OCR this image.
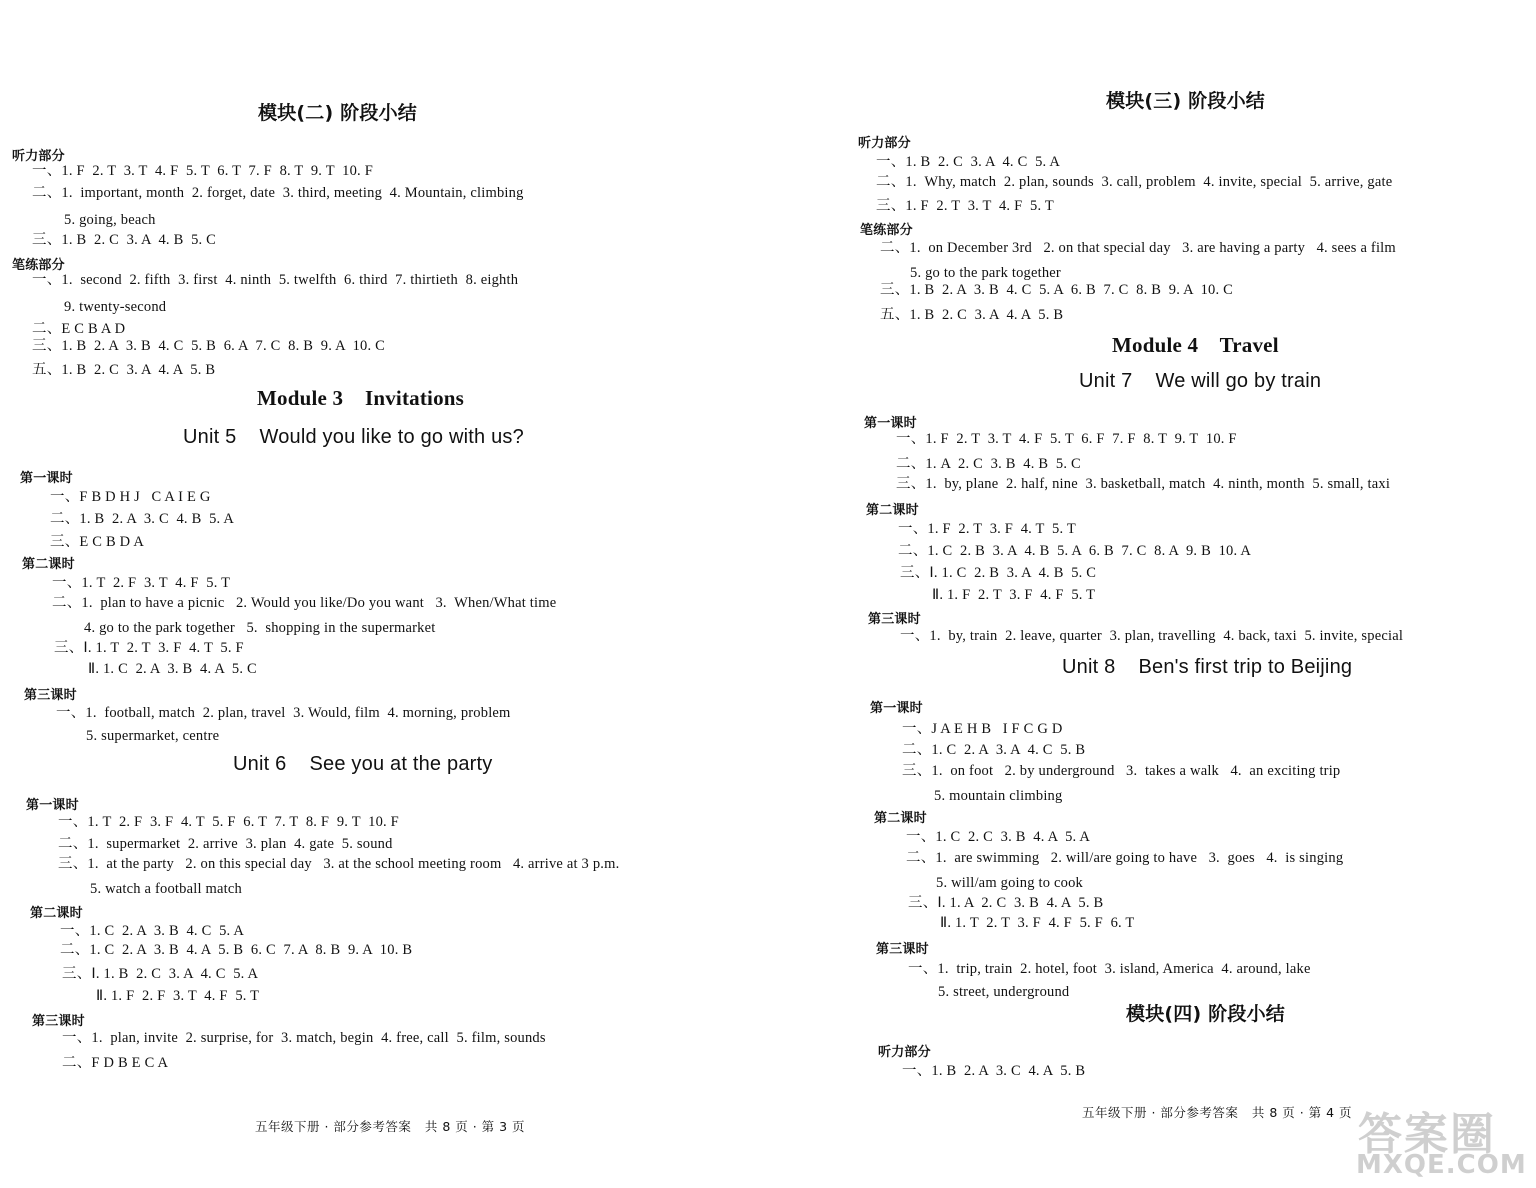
模块(二) 阶段小结
听力部分
一、1. F  2. T  3. T  4. F  5. T  6. T  7. F  8. T  9. T  10. F
二、1.  important, month  2. forget, date  3. third, meeting  4. Mountain, climbing
5. going, beach
三、1. B  2. C  3. A  4. B  5. C
笔练部分
一、1.  second  2. fifth  3. first  4. ninth  5. twelfth  6. third  7. thirtieth  8. eighth
9. twenty-second
二、E C B A D
三、1. B  2. A  3. B  4. C  5. B  6. A  7. C  8. B  9. A  10. C
五、1. B  2. C  3. A  4. A  5. B
Module 3    Invitations
Unit 5    Would you like to go with us?
第一课时
一、F B D H J   C A I E G
二、1. B  2. A  3. C  4. B  5. A
三、E C B D A
第二课时
一、1. T  2. F  3. T  4. F  5. T
二、1.  plan to have a picnic   2. Would you like/Do you want   3.  When/What time
4. go to the park together   5.  shopping in the supermarket
三、Ⅰ. 1. T  2. T  3. F  4. T  5. F
Ⅱ. 1. C  2. A  3. B  4. A  5. C
第三课时
一、1.  football, match  2. plan, travel  3. Would, film  4. morning, problem
5. supermarket, centre
Unit 6    See you at the party
第一课时
一、1. T  2. F  3. F  4. T  5. F  6. T  7. T  8. F  9. T  10. F
二、1.  supermarket  2. arrive  3. plan  4. gate  5. sound
三、1.  at the party   2. on this special day   3. at the school meeting room   4. arrive at 3 p.m.
5. watch a football match
第二课时
一、1. C  2. A  3. B  4. C  5. A
二、1. C  2. A  3. B  4. A  5. B  6. C  7. A  8. B  9. A  10. B
三、Ⅰ. 1. B  2. C  3. A  4. C  5. A
Ⅱ. 1. F  2. F  3. T  4. F  5. T
第三课时
一、1.  plan, invite  2. surprise, for  3. match, begin  4. free, call  5. film, sounds
二、F D B E C A
五年级下册 · 部分参考答案   共 8 页 · 第 3 页
模块(三) 阶段小结
听力部分
一、1. B  2. C  3. A  4. C  5. A
二、1.  Why, match  2. plan, sounds  3. call, problem  4. invite, special  5. arrive, gate
三、1. F  2. T  3. T  4. F  5. T
笔练部分
二、1.  on December 3rd   2. on that special day   3. are having a party   4. sees a film
5. go to the park together
三、1. B  2. A  3. B  4. C  5. A  6. B  7. C  8. B  9. A  10. C
五、1. B  2. C  3. A  4. A  5. B
Module 4    Travel
Unit 7    We will go by train
第一课时
一、1. F  2. T  3. T  4. F  5. T  6. F  7. F  8. T  9. T  10. F
二、1. A  2. C  3. B  4. B  5. C
三、1.  by, plane  2. half, nine  3. basketball, match  4. ninth, month  5. small, taxi
第二课时
一、1. F  2. T  3. F  4. T  5. T
二、1. C  2. B  3. A  4. B  5. A  6. B  7. C  8. A  9. B  10. A
三、Ⅰ. 1. C  2. B  3. A  4. B  5. C
Ⅱ. 1. F  2. T  3. F  4. F  5. T
第三课时
一、1.  by, train  2. leave, quarter  3. plan, travelling  4. back, taxi  5. invite, special
Unit 8    Ben's first trip to Beijing
第一课时
一、J A E H B   I F C G D
二、1. C  2. A  3. A  4. C  5. B
三、1.  on foot   2. by underground   3.  takes a walk   4.  an exciting trip
5. mountain climbing
第二课时
一、1. C  2. C  3. B  4. A  5. A
二、1.  are swimming   2. will/are going to have   3.  goes   4.  is singing
5. will/am going to cook
三、Ⅰ. 1. A  2. C  3. B  4. A  5. B
Ⅱ. 1. T  2. T  3. F  4. F  5. F  6. T
第三课时
一、1.  trip, train  2. hotel, foot  3. island, America  4. around, lake
5. street, underground
模块(四) 阶段小结
听力部分
一、1. B  2. A  3. C  4. A  5. B
五年级下册 · 部分参考答案   共 8 页 · 第 4 页 答案圈
MXQE.COM
